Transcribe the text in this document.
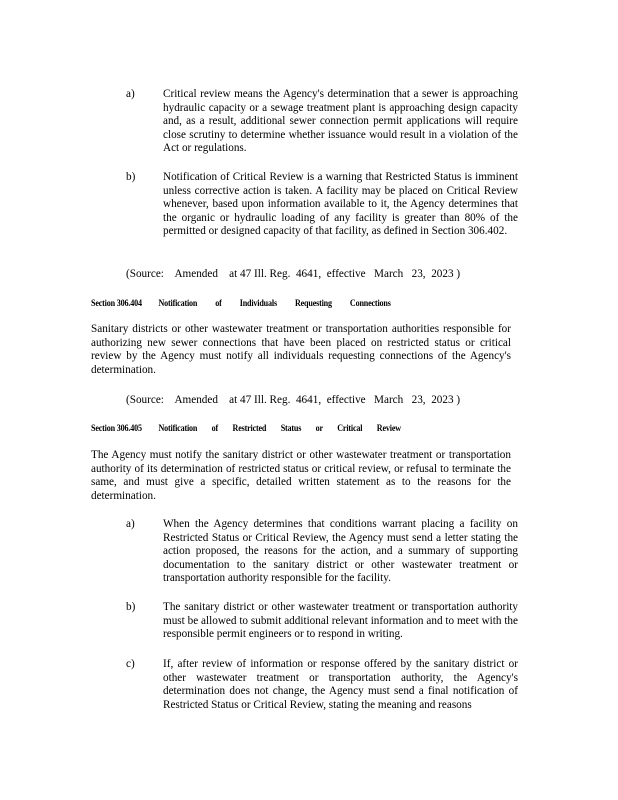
a)	Critical review means the Agency's determination that a sewer is approaching hydraulic capacity or a sewage treatment plant is approaching design capacity and, as a result, additional sewer connection permit applications will require close scrutiny to determine whether issuance would result in a violation of the Act or regulations.
b) Notification of Critical Review is a warning that Restricted Status is imminent unless corrective action is taken. A facility may be placed on Critical Review whenever, based upon information available to it, the Agency determines that the organic or hydraulic loading of any facility is greater than 80% of the permitted or designed capacity of that facility, as defined in Section 306.402.
(Source:    Amended    at 47 Ill. Reg.  4641,  effective   March   23,  2023 )
Section 306.404 Notification of Individuals Requesting Connections
Sanitary districts or other wastewater treatment or transportation authorities responsible for authorizing new sewer connections that have been placed on restricted status or critical review by the Agency must notify all individuals requesting connections of the Agency's determination.
(Source:    Amended    at 47 Ill. Reg.  4641,  effective   March   23,  2023 )
Section 306.405 Notification of Restricted Status or Critical Review
The Agency must notify the sanitary district or other wastewater treatment or transportation authority of its determination of restricted status or critical review, or refusal to terminate the same, and must give a specific, detailed written statement as to the reasons for the determination.
a)	When the Agency determines that conditions warrant placing a facility on Restricted Status or Critical Review, the Agency must send a letter stating the action proposed, the reasons for the action, and a summary of supporting documentation to the sanitary district or other wastewater treatment or transportation authority responsible for the facility.
b) The sanitary district or other wastewater treatment or transportation authority must be allowed to submit additional relevant information and to meet with the responsible permit engineers or to respond in writing.
c)	If, after review of information or response offered by the sanitary district or other wastewater treatment or transportation authority, the Agency's determination does not change, the Agency must send a final notification of Restricted Status or Critical Review, stating the meaning and reasons
